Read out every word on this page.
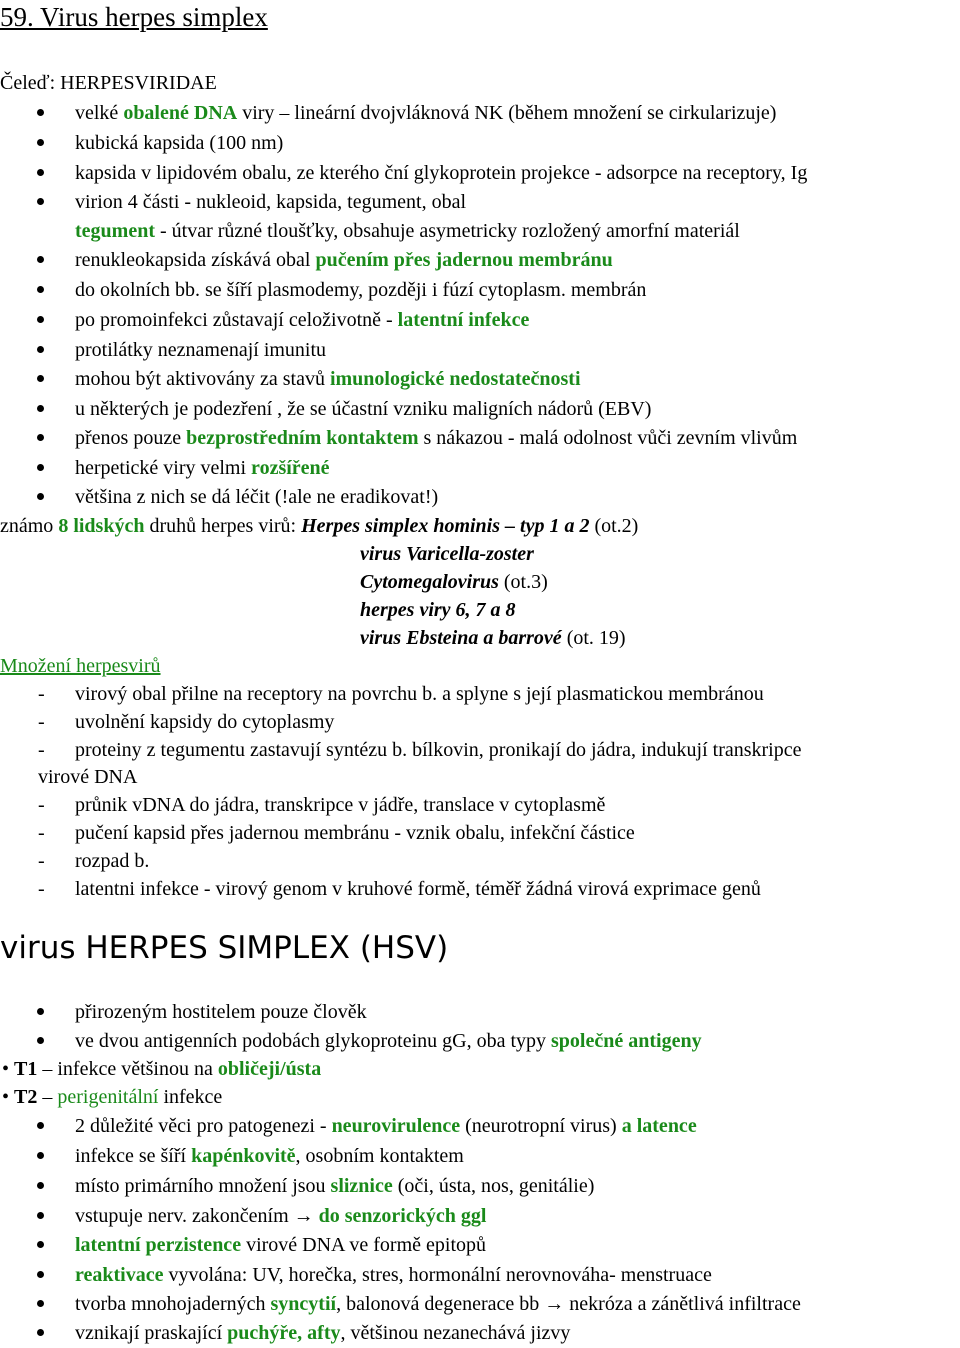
59. Virus herpes simplex
Čeleď: HERPESVIRIDAE
velké obalené DNA viry – lineární dvojvláknová NK (během množení se cirkularizuje)
kubická kapsida (100 nm)
kapsida v lipidovém obalu, ze kterého ční glykoprotein projekce - adsorpce na receptory, Ig
virion 4 části - nukleoid, kapsida, tegument, obal
tegument - útvar různé tloušťky, obsahuje asymetricky rozložený amorfní materiál
renukleokapsida získává obal pučením přes jadernou membránu
do okolních bb. se šíří plasmodemy, později i fúzí cytoplasm. membrán
po promoinfekci zůstavají celoživotně - latentní infekce
protilátky neznamenají imunitu
mohou být aktivovány za stavů imunologické nedostatečnosti
u některých je podezření , že se účastní vzniku maligních nádorů (EBV)
přenos pouze bezprostředním kontaktem s nákazou - malá odolnost vůči zevním vlivům
herpetické viry velmi rozšířené
většina z nich se dá léčit (!ale ne eradikovat!)
známo 8 lidských druhů herpes virů: Herpes simplex hominis – typ 1 a 2 (ot.2)
virus Varicella-zoster
Cytomegalovirus (ot.3)
herpes viry 6, 7 a 8
virus Ebsteina a barrové (ot. 19)
Množení herpesvirů
- virový obal přilne na receptory na povrchu b. a splyne s její plasmatickou membránou
- uvolnění kapsidy do cytoplasmy
- proteiny z tegumentu zastavují syntézu b. bílkovin, pronikají do jádra, indukují transkripce
virové DNA
- průnik vDNA do jádra, transkripce v jádře, translace v cytoplasmě
- pučení kapsid přes jadernou membránu - vznik obalu, infekční částice
- rozpad b.
- latentni infekce - virový genom v kruhové formě, téměř žádná virová exprimace genů
virus HERPES SIMPLEX (HSV)
přirozeným hostitelem pouze člověk
ve dvou antigenních podobách glykoproteinu gG, oba typy společné antigeny
• T1 – infekce většinou na obličeji/ústa
• T2 – perigenitální infekce
2 důležité věci pro patogenezi - neurovirulence (neurotropní virus) a latence
infekce se šíří kapénkovitě, osobním kontaktem
místo primárního množení jsou sliznice (oči, ústa, nos, genitálie)
vstupuje nerv. zakončením → do senzorických ggl
latentní perzistence virové DNA ve formě epitopů
reaktivace vyvolána: UV, horečka, stres, hormonální nerovnováha- menstruace
tvorba mnohojaderných syncytií, balonová degenerace bb → nekróza a zánětlivá infiltrace
vznikají praskající puchýře, afty, většinou nezanechává jizvy
